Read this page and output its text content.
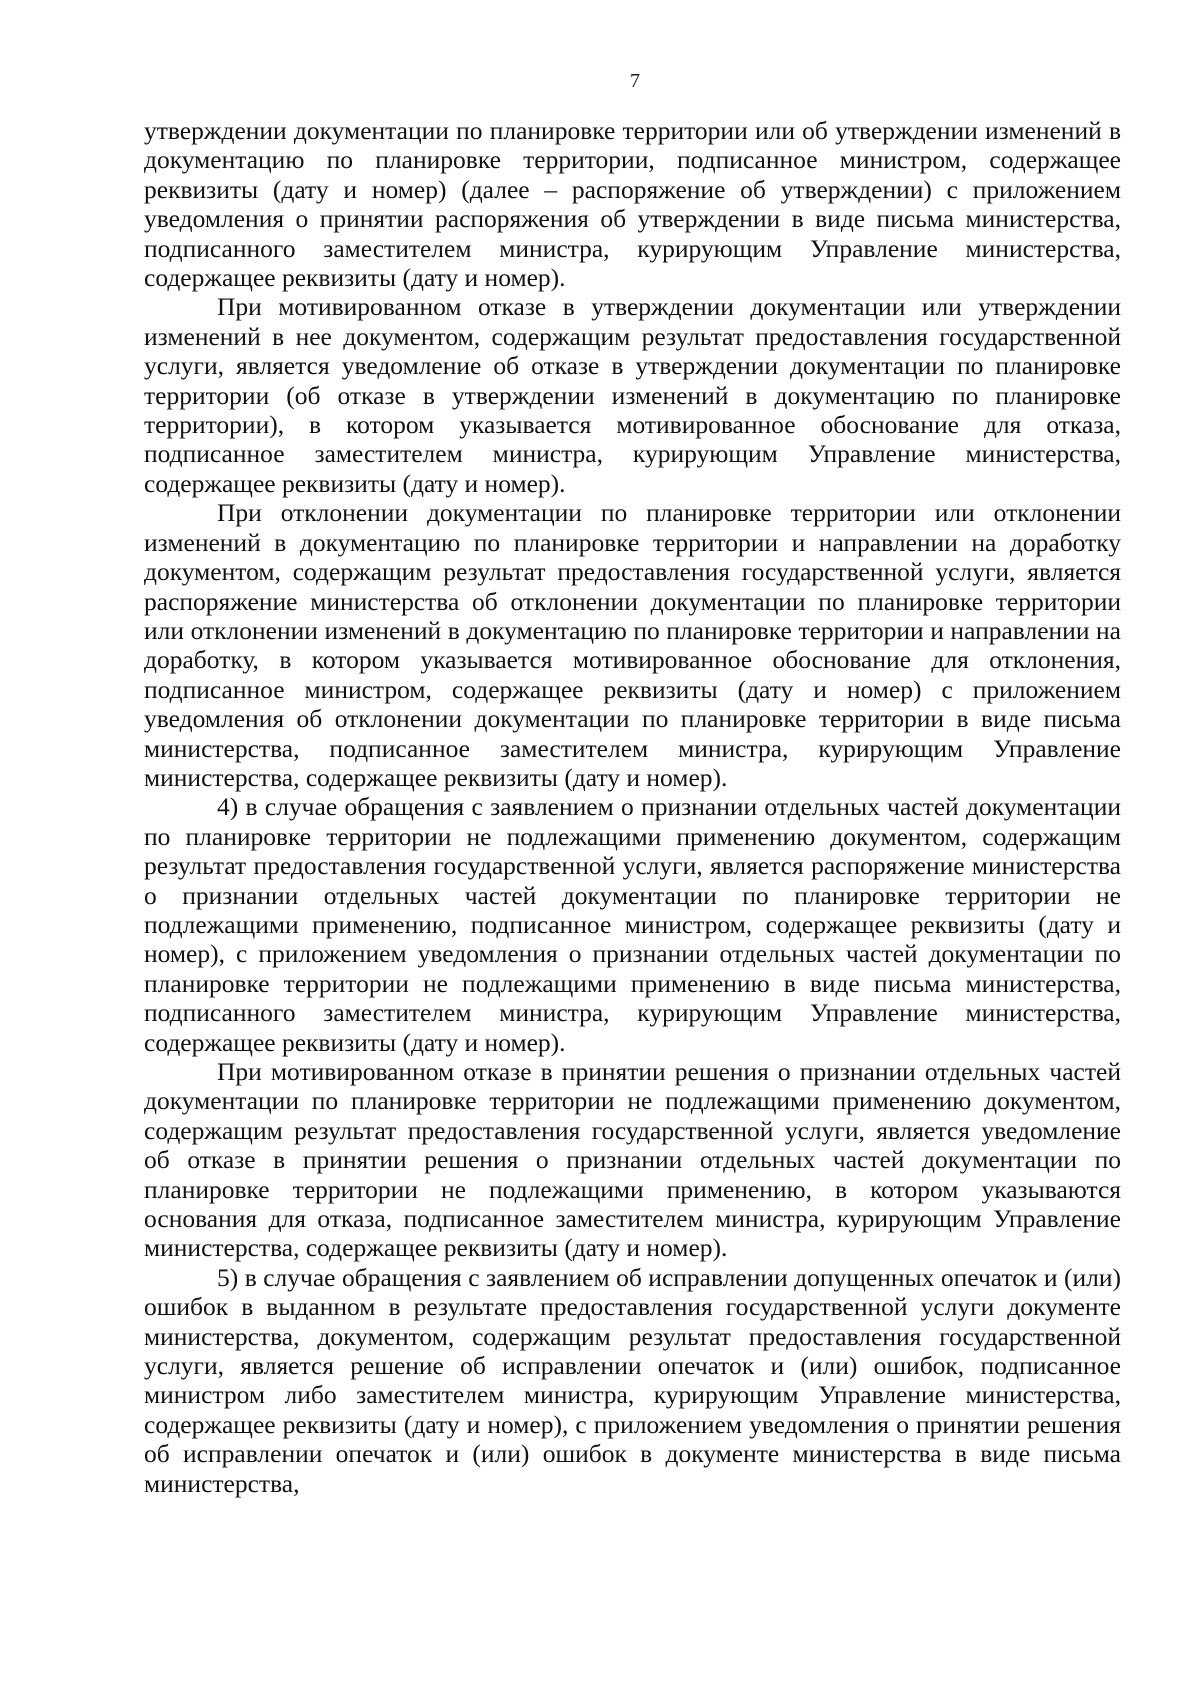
7

утверждении документации по планировке территории или об утверждении изменений в документацию по планировке территории, подписанное министром, содержащее реквизиты (дату и номер) (далее – распоряжение об утверждении) с приложением уведомления о принятии распоряжения об утверждении в виде письма министерства, подписанного заместителем министра, курирующим Управление министерства, содержащее реквизиты (дату и номер).

При мотивированном отказе в утверждении документации или утверждении изменений в нее документом, содержащим результат предоставления государственной услуги, является уведомление об отказе в утверждении документации по планировке территории (об отказе в утверждении изменений в документацию по планировке территории), в котором указывается мотивированное обоснование для отказа, подписанное заместителем министра, курирующим Управление министерства, содержащее реквизиты (дату и номер).

При отклонении документации по планировке территории или отклонении изменений в документацию по планировке территории и направлении на доработку документом, содержащим результат предоставления государственной услуги, является распоряжение министерства об отклонении документации по планировке территории или отклонении изменений в документацию по планировке территории и направлении на доработку, в котором указывается мотивированное обоснование для отклонения, подписанное министром, содержащее реквизиты (дату и номер) с приложением уведомления об отклонении документации по планировке территории в виде письма министерства, подписанное заместителем министра, курирующим Управление министерства, содержащее реквизиты (дату и номер).

4) в случае обращения с заявлением о признании отдельных частей документации по планировке территории не подлежащими применению документом, содержащим результат предоставления государственной услуги, является распоряжение министерства о признании отдельных частей документации по планировке территории не подлежащими применению, подписанное министром, содержащее реквизиты (дату и номер), с приложением уведомления о признании отдельных частей документации по планировке территории не подлежащими применению в виде письма министерства, подписанного заместителем министра, курирующим Управление министерства, содержащее реквизиты (дату и номер).

При мотивированном отказе в принятии решения о признании отдельных частей документации по планировке территории не подлежащими применению документом, содержащим результат предоставления государственной услуги, является уведомление об отказе в принятии решения о признании отдельных частей документации по планировке территории не подлежащими применению, в котором указываются основания для отказа, подписанное заместителем министра, курирующим Управление министерства, содержащее реквизиты (дату и номер).

5) в случае обращения с заявлением об исправлении допущенных опечаток и (или) ошибок в выданном в результате предоставления государственной услуги документе министерства, документом, содержащим результат предоставления государственной услуги, является решение об исправлении опечаток и (или) ошибок, подписанное министром либо заместителем министра, курирующим Управление министерства, содержащее реквизиты (дату и номер), с приложением уведомления о принятии решения об исправлении опечаток и (или) ошибок в документе министерства в виде письма министерства,
